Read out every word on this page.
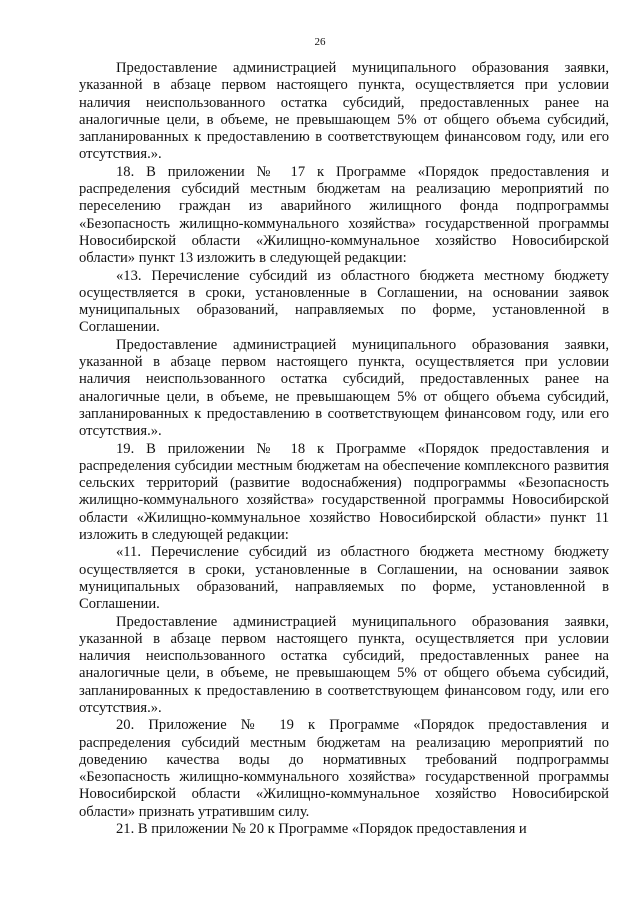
26

Предоставление администрацией муниципального образования заявки, указанной в абзаце первом настоящего пункта, осуществляется при условии наличия неиспользованного остатка субсидий, предоставленных ранее на аналогичные цели, в объеме, не превышающем 5% от общего объема субсидий, запланированных к предоставлению в соответствующем финансовом году, или его отсутствия.».

18. В приложении № 17 к Программе «Порядок предоставления и распределения субсидий местным бюджетам на реализацию мероприятий по переселению граждан из аварийного жилищного фонда подпрограммы «Безопасность жилищно-коммунального хозяйства» государственной программы Новосибирской области «Жилищно-коммунальное хозяйство Новосибирской области» пункт 13 изложить в следующей редакции:

«13. Перечисление субсидий из областного бюджета местному бюджету осуществляется в сроки, установленные в Соглашении, на основании заявок муниципальных образований, направляемых по форме, установленной в Соглашении.

Предоставление администрацией муниципального образования заявки, указанной в абзаце первом настоящего пункта, осуществляется при условии наличия неиспользованного остатка субсидий, предоставленных ранее на аналогичные цели, в объеме, не превышающем 5% от общего объема субсидий, запланированных к предоставлению в соответствующем финансовом году, или его отсутствия.».

19. В приложении № 18 к Программе «Порядок предоставления и распределения субсидии местным бюджетам на обеспечение комплексного развития сельских территорий (развитие водоснабжения) подпрограммы «Безопасность жилищно-коммунального хозяйства» государственной программы Новосибирской области «Жилищно-коммунальное хозяйство Новосибирской области» пункт 11 изложить в следующей редакции:

«11. Перечисление субсидий из областного бюджета местному бюджету осуществляется в сроки, установленные в Соглашении, на основании заявок муниципальных образований, направляемых по форме, установленной в Соглашении.

Предоставление администрацией муниципального образования заявки, указанной в абзаце первом настоящего пункта, осуществляется при условии наличия неиспользованного остатка субсидий, предоставленных ранее на аналогичные цели, в объеме, не превышающем 5% от общего объема субсидий, запланированных к предоставлению в соответствующем финансовом году, или его отсутствия.».

20. Приложение № 19 к Программе «Порядок предоставления и распределения субсидий местным бюджетам на реализацию мероприятий по доведению качества воды до нормативных требований подпрограммы «Безопасность жилищно-коммунального хозяйства» государственной программы Новосибирской области «Жилищно-коммунальное хозяйство Новосибирской области» признать утратившим силу.

21. В приложении № 20 к Программе «Порядок предоставления и
